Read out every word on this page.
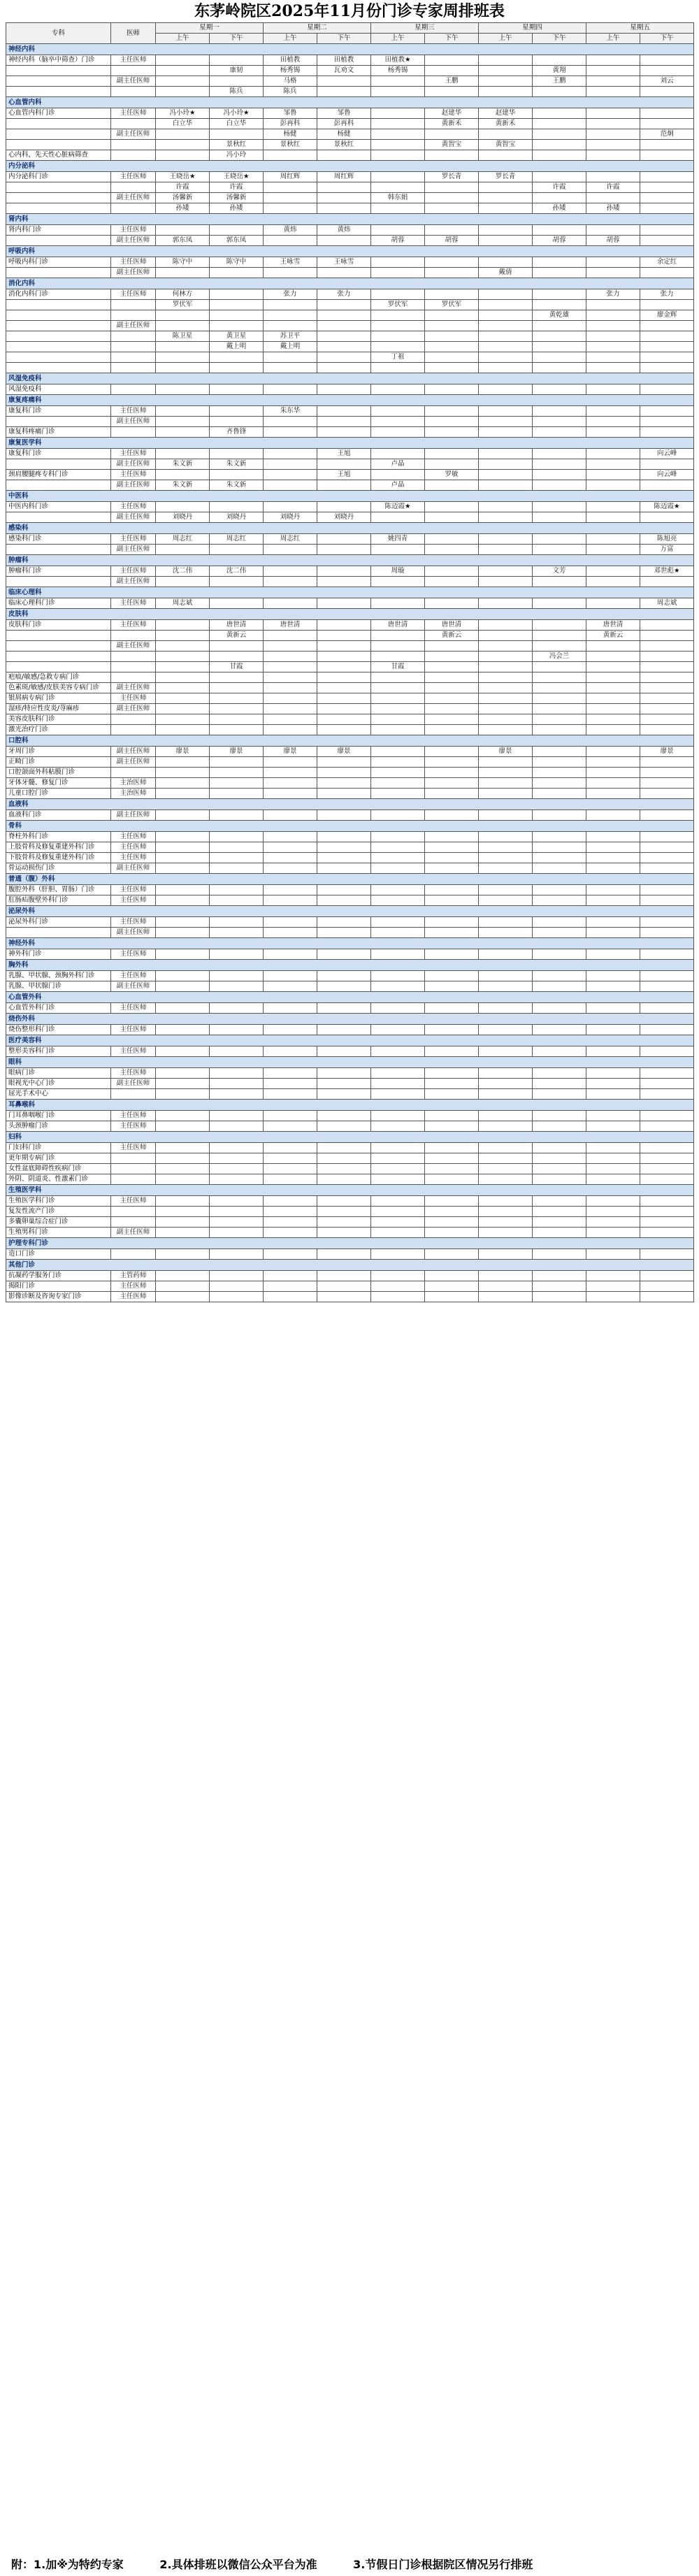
东茅岭院区2025年11月份门诊专家周排班表
专科	医师	星期一		星期二		星期三		星期四		星期五	
		上午	下午	上午	下午	上午	下午	上午	下午	上午	下午
神经内科											
神经内科（脑卒中筛查）门诊	主任医师			田植教	田植教	田植教★					
			康韧	杨秀锡	瓦劝文	杨秀锡			黄翔		
	副主任医师			马格			王鹏		王鹏		刘云
			陈兵	陈兵							
心血管内科											
心血管内科门诊	主任医师	冯小玲★	冯小玲★	邹鲁	邹鲁		赵建华	赵建华			
		白立华	白立华	彭再科	彭再科		黄新禾	黄新禾			
	副主任医师			杨健	杨健						范炯
			景秋红	景秋红	景秋红		黄智宝	黄智宝			
心内科，先天性心脏病筛查			冯小玲								
内分泌科											
内分泌科门诊	主任医师	王晓岳★	王晓岳★	周红辉	周红辉		罗长青	罗长青			
		许霞	许霞						许霞	许霞	
	副主任医师	汤馨新	汤馨新			韩东娟					
		孙矮	孙矮						孙矮	孙矮	
肾内科											
肾内科门诊	主任医师			黄炜	黄炜						
	副主任医师	郭东凤	郭东凤			胡蓉	胡蓉		胡蓉	胡蓉	
呼吸内科											
呼吸内科门诊	主任医师	陈守中	陈守中	王咏雪	王咏雪						余定红
	副主任医师							戴倩			
消化内科											
消化内科门诊	主任医师	何林方		张力	张力					张力	张力
		罗伏军				罗伏军	罗伏军				
									黄乾雄		廖金辉
	副主任医师										
		陈卫星	黄卫星	苏卫平							
			戴上明	戴上明							
						丁祖					

风湿免疫科											
风湿免疫科											
康复疼痛科											
康复科门诊	主任医师			朱东华							
	副主任医师										
康复科疼痛门诊			齐鲁锋								
康复医学科											
康复科门诊	主任医师				王旭						向云峰
	副主任医师	朱文新	朱文新			卢晶					
颈肩腰腿疼专科门诊	主任医师				王旭		罗敏				向云峰
	副主任医师	朱文新	朱文新			卢晶					
中医科											
中医内科门诊	主任医师					陈迈霞★					陈迈霞★
	副主任医师	刘晓丹	刘晓丹	刘晓丹	刘晓丹						
感染科											
感染科门诊	主任医师	周志红	周志红	周志红		姚四青					陈旭亮
	副主任医师										万富
肿瘤科											
肿瘤科门诊	主任医师	沈二伟	沈二伟			周璇			文芳		邓世彪★
	副主任医师										
临床心理科											
临床心理科门诊	主任医师	周志斌									周志斌
皮肤科											
皮肤科门诊	主任医师		唐世清	唐世清		唐世清	唐世清			唐世清	
			黄新云				黄新云			黄新云	
	副主任医师										
									冯会兰		
			甘霞			甘霞					
疤痕/敏感/急救专病门诊											
色素斑/敏感/皮肤美容专病门诊	副主任医师										
银屑病专病门诊	主任医师										
湿疹/特应性皮炎/荨麻疹	副主任医师										
美容皮肤科门诊											
激光治疗门诊											
口腔科											
牙周门诊	副主任医师	廖景	廖景	廖景	廖景			廖景			廖景
正畸门诊	副主任医师										
口腔颌面外科粘膜门诊											
牙体牙髓、修复门诊	主治医师										
儿童口腔门诊	主治医师										
血液科											
血液科门诊	副主任医师										
骨科											
脊柱外科门诊	主任医师										
上肢骨科及修复重建外科门诊	主任医师										
下肢骨科及修复重建外科门诊	主任医师										
骨运动损伤门诊	副主任医师										
普通（腹）外科											
腹腔外科（肝胆、胃肠）门诊	主任医师										
肛肠疝腹壁外科门诊	主任医师										
泌尿外科											
泌尿外科门诊	主任医师										
	副主任医师										
神经外科											
神外科门诊	主任医师										
胸外科											
乳腺、甲状腺、颈胸外科门诊	主任医师										
乳腺、甲状腺门诊	副主任医师										
心血管外科											
心血管外科门诊	主任医师										
烧伤外科											
烧伤整形科门诊	主任医师										
医疗美容科											
整形美容科门诊	主任医师										
眼科											
眼病门诊	主任医师										
眼视光中心门诊	副主任医师										
屈光手术中心											
耳鼻喉科											
门耳鼻咽喉门诊	主任医师										
头颈肿瘤门诊	主任医师										
妇科											
门妇科门诊	主任医师										
更年期专病门诊											
女性盆底障碍性疾病门诊											
外阴、阴道炎、性激素门诊											
生殖医学科											
生殖医学科门诊	主任医师										
复发性流产门诊											
多囊卵巢综合症门诊											
生殖男科门诊	副主任医师										
护理专科门诊											
造口门诊											
其他门诊											
抗凝药学服务门诊	主管药师										
揭阳门诊	主任医师										
影像诊断及咨询专家门诊	主任医师										
附：1.加※为特约专家	2.具体排班以微信公众平台为准	3.节假日门诊根据院区情况另行排班
